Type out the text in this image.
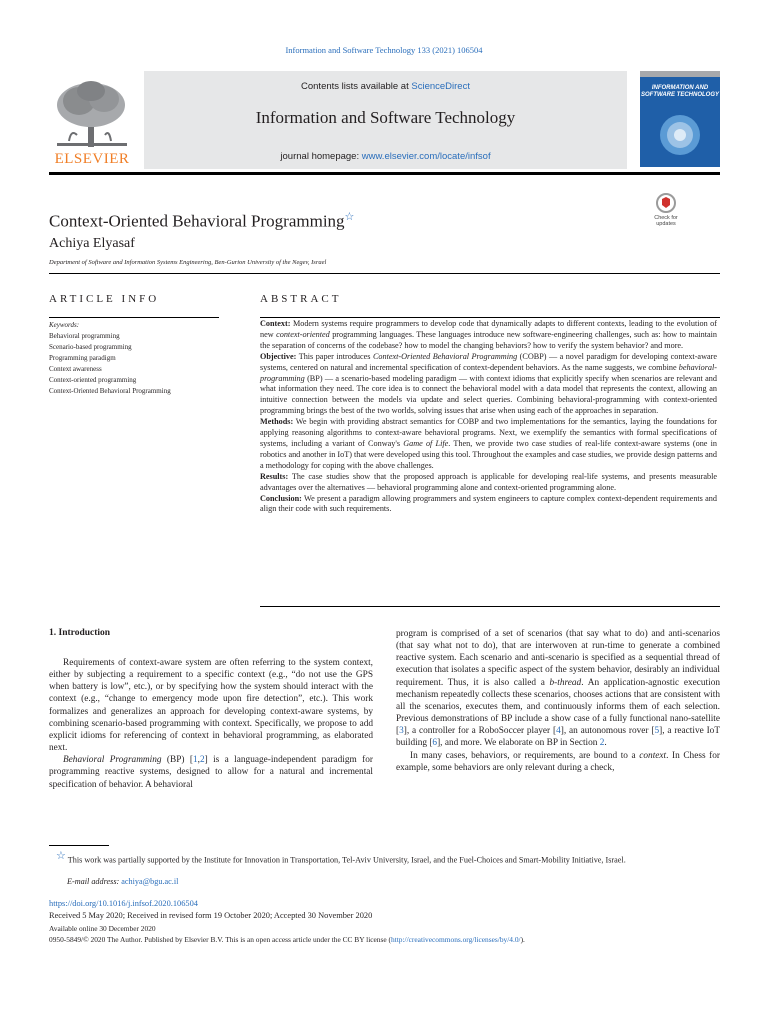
Information and Software Technology 133 (2021) 106504
ELSEVIER
Contents lists available at ScienceDirect
Information and Software Technology
journal homepage: www.elsevier.com/locate/infsof
INFORMATION AND SOFTWARE TECHNOLOGY
Check for updates
Context-Oriented Behavioral Programming☆
Achiya Elyasaf
Department of Software and Information Systems Engineering, Ben-Gurion University of the Negev, Israel
ARTICLE INFO
Keywords:
Behavioral programming
Scenario-based programming
Programming paradigm
Context awareness
Context-oriented programming
Context-Oriented Behavioral Programming
ABSTRACT

Context: Modern systems require programmers to develop code that dynamically adapts to different contexts, leading to the evolution of new context-oriented programming languages. These languages introduce new software-engineering challenges, such as: how to maintain the separation of concerns of the codebase? how to model the changing behaviors? how to verify the system behavior? and more.

Objective: This paper introduces Context-Oriented Behavioral Programming (COBP) — a novel paradigm for developing context-aware systems, centered on natural and incremental specification of context-dependent behaviors. As the name suggests, we combine behavioral-programming (BP) — a scenario-based modeling paradigm — with context idioms that explicitly specify when scenarios are relevant and what information they need. The core idea is to connect the behavioral model with a data model that represents the context, allowing an intuitive connection between the models via update and select queries. Combining behavioral-programming with context-oriented programming brings the best of the two worlds, solving issues that arise when using each of the approaches in separation.

Methods: We begin with providing abstract semantics for COBP and two implementations for the semantics, laying the foundations for applying reasoning algorithms to context-aware behavioral programs. Next, we exemplify the semantics with formal specifications of systems, including a variant of Conway's Game of Life. Then, we provide two case studies of real-life context-aware systems (one in robotics and another in IoT) that were developed using this tool. Throughout the examples and case studies, we provide design patterns and a methodology for coping with the above challenges.

Results: The case studies show that the proposed approach is applicable for developing real-life systems, and presents measurable advantages over the alternatives — behavioral programming alone and context-oriented programming alone.

Conclusion: We present a paradigm allowing programmers and system engineers to capture complex context-dependent requirements and align their code with such requirements.

1. Introduction

Requirements of context-aware system are often referring to the system context, either by subjecting a requirement to a specific context (e.g., “do not use the GPS when battery is low”, etc.), or by specifying how the system should interact with the context (e.g., “change to emergency mode upon fire detection”, etc.). This work formalizes and generalizes an approach for developing context-aware systems, by combining scenario-based programming with context. Specifically, we propose to add explicit idioms for referencing of context in behavioral programming, as elaborated next.

Behavioral Programming (BP) [1,2] is a language-independent paradigm for programming reactive systems, designed to allow for a natural and incremental specification of behavior. A behavioral

program is comprised of a set of scenarios (that say what to do) and anti-scenarios (that say what not to do), that are interwoven at run-time to generate a combined reactive system. Each scenario and anti-scenario is specified as a sequential thread of execution that isolates a specific aspect of the system behavior, desirably an individual requirement. Thus, it is also called a b-thread. An application-agnostic execution mechanism repeatedly collects these scenarios, chooses actions that are consistent with all the scenarios, executes them, and continuously informs them of each selection. Previous demonstrations of BP include a show case of a fully functional nano-satellite [3], a controller for a RoboSoccer player [4], an autonomous rover [5], a reactive IoT building [6], and more. We elaborate on BP in Section 2.

In many cases, behaviors, or requirements, are bound to a context. In Chess for example, some behaviors are only relevant during a check,

☆ This work was partially supported by the Institute for Innovation in Transportation, Tel-Aviv University, Israel, and the Fuel-Choices and Smart-Mobility Initiative, Israel.
E-mail address: achiya@bgu.ac.il
https://doi.org/10.1016/j.infsof.2020.106504
Received 5 May 2020; Received in revised form 19 October 2020; Accepted 30 November 2020
Available online 30 December 2020
0950-5849/© 2020 The Author. Published by Elsevier B.V. This is an open access article under the CC BY license (http://creativecommons.org/licenses/by/4.0/).
